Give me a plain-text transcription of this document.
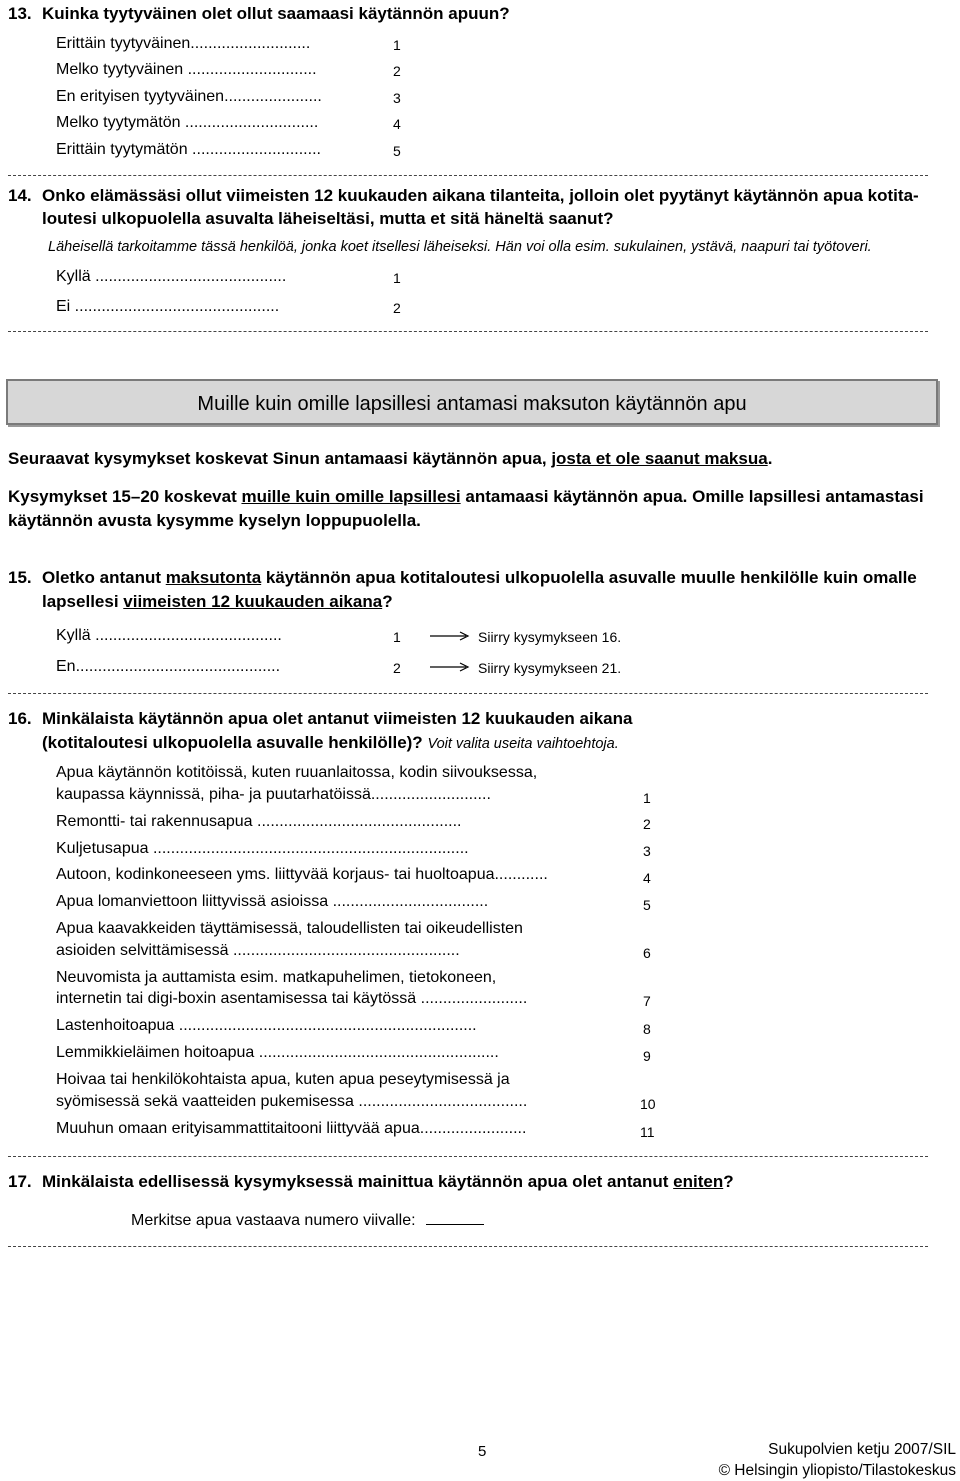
13. Kuinka tyytyväinen olet ollut saamaasi käytännön apuun?
Erittäin tyytyväinen...........................	1
Melko tyytyväinen .............................	2
En erityisen tyytyväinen......................	3
Melko tyytymätön ..............................	4
Erittäin tyytymätön .............................	5
14. Onko elämässäsi ollut viimeisten 12 kuukauden aikana tilanteita, jolloin olet pyytänyt käytännön apua kotita-
loutesi ulkopuolella asuvalta läheiseltäsi, mutta et sitä häneltä saanut?
Läheisellä tarkoitamme tässä henkilöä, jonka koet itsellesi läheiseksi. Hän voi olla esim. sukulainen, ystävä, naapuri tai työtoveri.
Kyllä ...........................................	1
Ei ..............................................	2
Muille kuin omille lapsillesi antamasi maksuton käytännön apu
Seuraavat kysymykset koskevat Sinun antamaasi käytännön apua, josta et ole saanut maksua.
Kysymykset 15–20 koskevat muille kuin omille lapsillesi antamaasi käytännön apua. Omille lapsillesi antamastasi
käytännön avusta kysymme kyselyn loppupuolella.
15. Oletko antanut maksutonta käytännön apua kotitaloutesi ulkopuolella asuvalle muulle henkilölle kuin omalle
lapsellesi viimeisten 12 kuukauden aikana?
Kyllä ..........................................	1	Siirry kysymykseen 16.
En..............................................	2	Siirry kysymykseen 21.
16. Minkälaista käytännön apua olet antanut viimeisten 12 kuukauden aikana
(kotitaloutesi ulkopuolella asuvalle henkilölle)? Voit valita useita vaihtoehtoja.
Apua käytännön kotitöissä, kuten ruuanlaitossa, kodin siivouksessa,
kaupassa käynnissä, piha- ja puutarhatöissä...........................	1
Remontti- tai rakennusapua ..............................................	2
Kuljetusapua .......................................................................	3
Autoon, kodinkoneeseen yms. liittyvää korjaus- tai huoltoapua............	4
Apua lomanviettoon liittyvissä asioissa ...................................	5
Apua kaavakkeiden täyttämisessä, taloudellisten tai oikeudellisten
asioiden selvittämisessä ...................................................	6
Neuvomista ja auttamista esim. matkapuhelimen, tietokoneen,
internetin tai digi-boxin asentamisessa tai käytössä ........................	7
Lastenhoitoapua ...................................................................	8
Lemmikkieläimen hoitoapua ......................................................	9
Hoivaa tai henkilökohtaista apua, kuten apua peseytymisessä ja
syömisessä sekä vaatteiden pukemisessa ......................................	10
Muuhun omaan erityisammattitaitooni liittyvää apua........................	11
17. Minkälaista edellisessä kysymyksessä mainittua käytännön apua olet antanut eniten?
Merkitse apua vastaava numero viivalle:
5	Sukupolvien ketju 2007/SIL
© Helsingin yliopisto/Tilastokeskus
